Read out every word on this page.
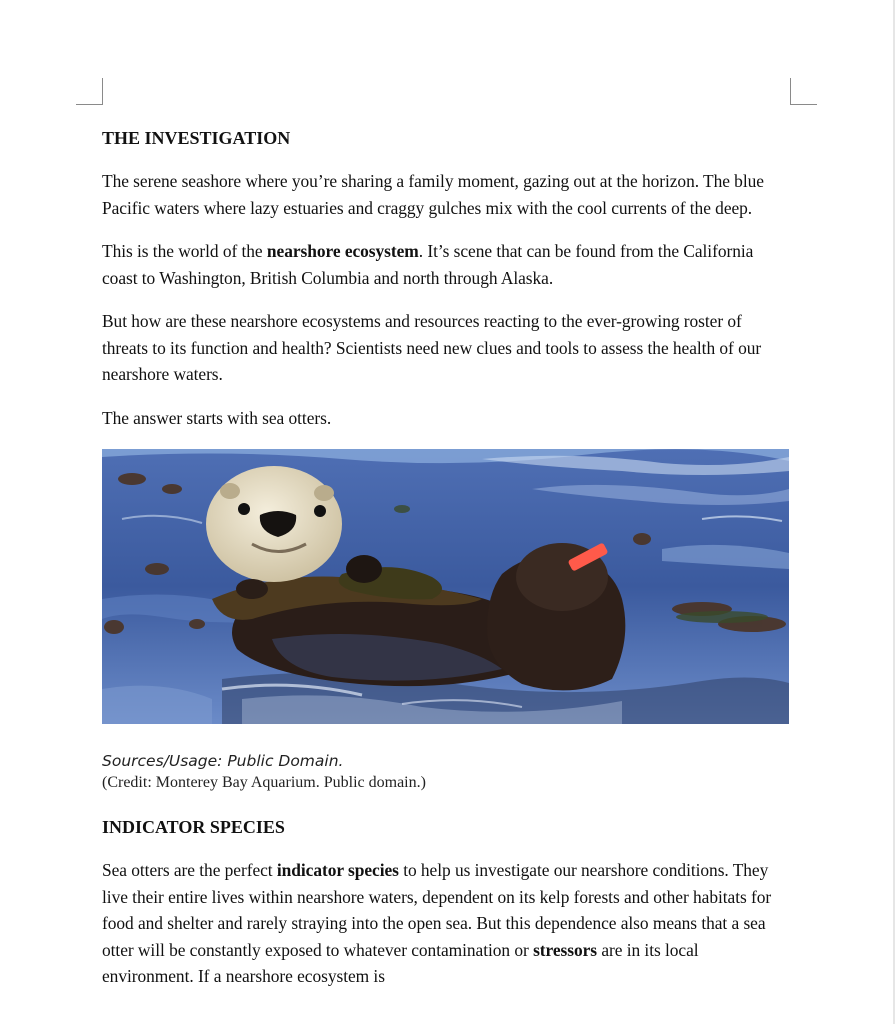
THE INVESTIGATION

The serene seashore where you’re sharing a family moment, gazing out at the horizon. The blue Pacific waters where lazy estuaries and craggy gulches mix with the cool currents of the deep.

This is the world of the nearshore ecosystem. It’s scene that can be found from the California coast to Washington, British Columbia and north through Alaska.

But how are these nearshore ecosystems and resources reacting to the ever-growing roster of threats to its function and health? Scientists need new clues and tools to assess the health of our nearshore waters.

The answer starts with sea otters.

Sources/Usage: Public Domain.

(Credit: Monterey Bay Aquarium. Public domain.)

INDICATOR SPECIES

Sea otters are the perfect indicator species to help us investigate our nearshore conditions. They live their entire lives within nearshore waters, dependent on its kelp forests and other habitats for food and shelter and rarely straying into the open sea. But this dependence also means that a sea otter will be constantly exposed to whatever contamination or stressors are in its local environment. If a nearshore ecosystem is
